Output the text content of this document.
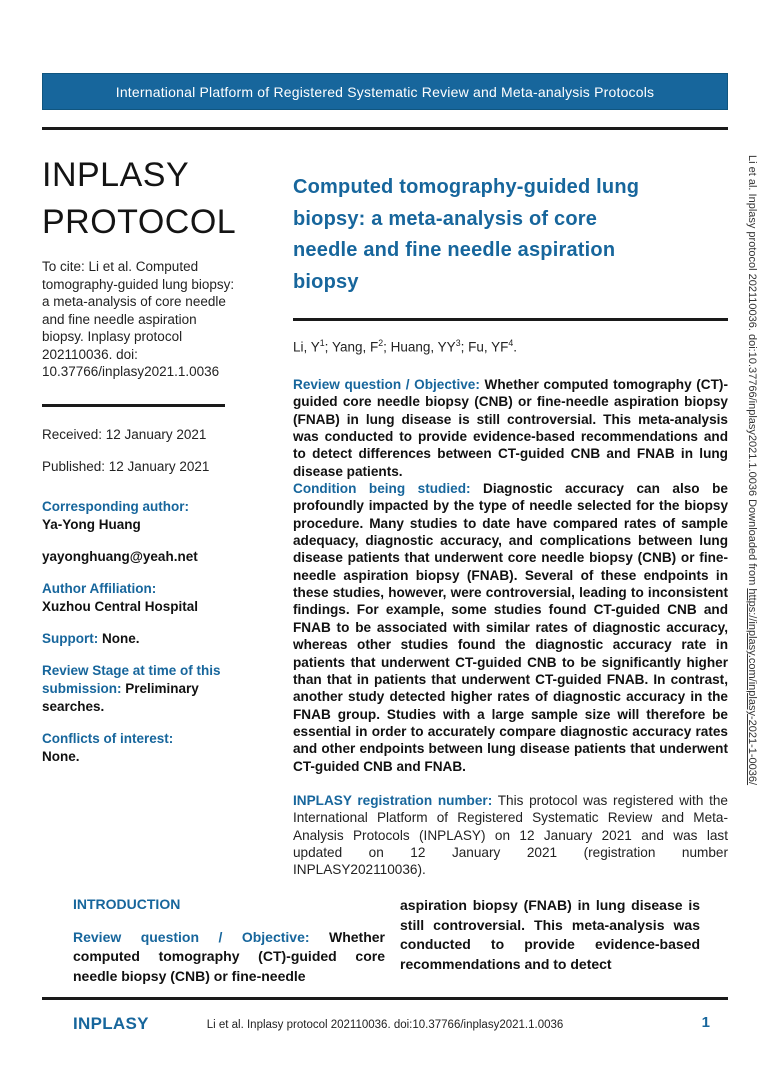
International Platform of Registered Systematic Review and Meta-analysis Protocols
INPLASY
PROTOCOL
To cite: Li et al. Computed tomography-guided lung biopsy: a meta-analysis of core needle and fine needle aspiration biopsy. Inplasy protocol 202110036. doi: 10.37766/inplasy2021.1.0036
Received: 12 January 2021
Published: 12 January 2021
Corresponding author:
Ya-Yong Huang
yayonghuang@yeah.net
Author Affiliation:
Xuzhou Central Hospital
Support: None.
Review Stage at time of this submission: Preliminary searches.
Conflicts of interest:
None.
Computed tomography-guided lung biopsy: a meta-analysis of core needle and fine needle aspiration biopsy
Li, $Y^1$; Yang, $F^2$; Huang, $YY^3$; Fu, $YF^4$.

Review question / Objective: Whether computed tomography (CT)-guided core needle biopsy (CNB) or fine-needle aspiration biopsy (FNAB) in lung disease is still controversial. This meta-analysis was conducted to provide evidence-based recommendations and to detect differences between CT-guided CNB and FNAB in lung disease patients.

Condition being studied: Diagnostic accuracy can also be profoundly impacted by the type of needle selected for the biopsy procedure. Many studies to date have compared rates of sample adequacy, diagnostic accuracy, and complications between lung disease patients that underwent core needle biopsy (CNB) or fine-needle aspiration biopsy (FNAB). Several of these endpoints in these studies, however, were controversial, leading to inconsistent findings. For example, some studies found CT-guided CNB and FNAB to be associated with similar rates of diagnostic accuracy, whereas other studies found the diagnostic accuracy rate in patients that underwent CT-guided CNB to be significantly higher than that in patients that underwent CT-guided FNAB. In contrast, another study detected higher rates of diagnostic accuracy in the FNAB group. Studies with a large sample size will therefore be essential in order to accurately compare diagnostic accuracy rates and other endpoints between lung disease patients that underwent CT-guided CNB and FNAB.

INPLASY registration number: This protocol was registered with the International Platform of Registered Systematic Review and Meta-Analysis Protocols (INPLASY) on 12 January 2021 and was last updated on 12 January 2021 (registration number INPLASY202110036).

INTRODUCTION
Review question / Objective: Whether computed tomography (CT)-guided core needle biopsy (CNB) or fine-needle
aspiration biopsy (FNAB) in lung disease is still controversial. This meta-analysis was conducted to provide evidence-based recommendations and to detect
INPLASY	Li et al. Inplasy protocol 202110036. doi:10.37766/inplasy2021.1.0036	1
Li et al. Inplasy protocol 202110036. doi:10.37766/inplasy2021.1.0036 Downloaded from https://inplasy.com/inplasy-2021-1-0036/
